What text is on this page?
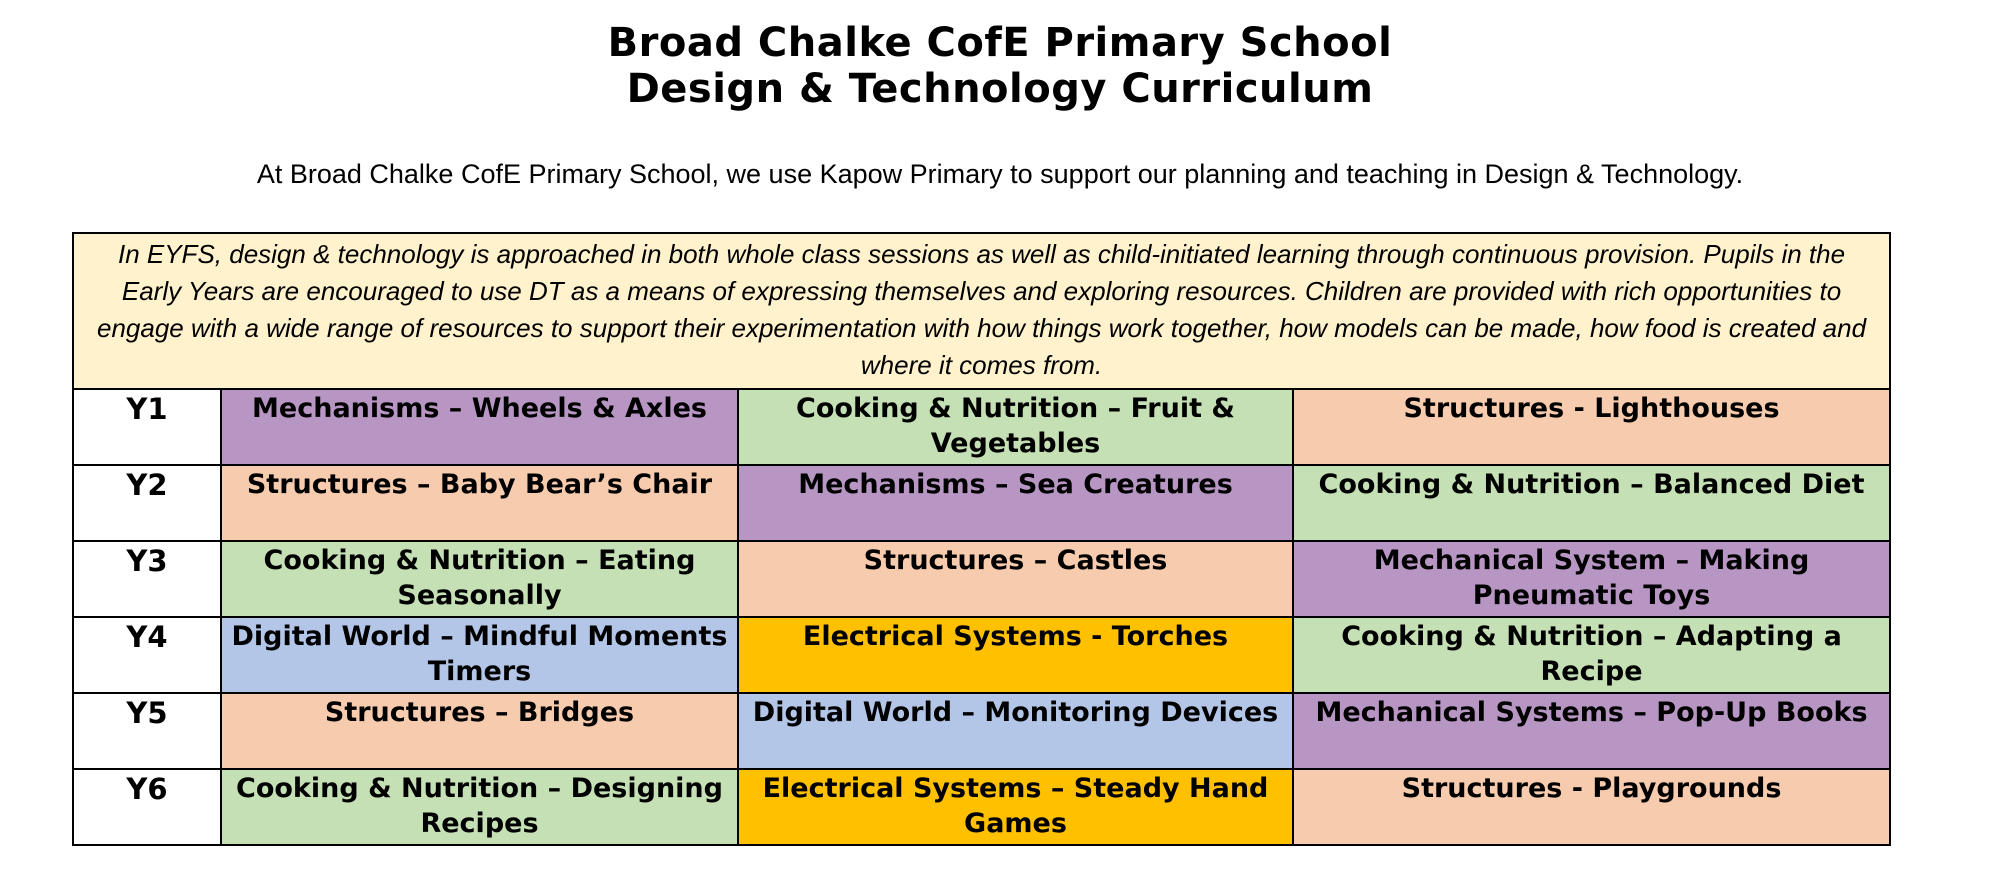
Broad Chalke CofE Primary School
Design & Technology Curriculum
At Broad Chalke CofE Primary School, we use Kapow Primary to support our planning and teaching in Design & Technology.
In EYFS, design & technology is approached in both whole class sessions as well as child-initiated learning through continuous provision. Pupils in the Early Years are encouraged to use DT as a means of expressing themselves and exploring resources. Children are provided with rich opportunities to engage with a wide range of resources to support their experimentation with how things work together, how models can be made, how food is created and where it comes from.			
Y1	Mechanisms – Wheels & Axles	Cooking & Nutrition – Fruit & Vegetables	Structures - Lighthouses
Y2	Structures – Baby Bear’s Chair	Mechanisms – Sea Creatures	Cooking & Nutrition – Balanced Diet
Y3	Cooking & Nutrition – Eating Seasonally	Structures – Castles	Mechanical System – Making Pneumatic Toys
Y4	Digital World – Mindful Moments Timers	Electrical Systems - Torches	Cooking & Nutrition – Adapting a Recipe
Y5	Structures – Bridges	Digital World – Monitoring Devices	Mechanical Systems – Pop-Up Books
Y6	Cooking & Nutrition – Designing Recipes	Electrical Systems – Steady Hand Games	Structures - Playgrounds
